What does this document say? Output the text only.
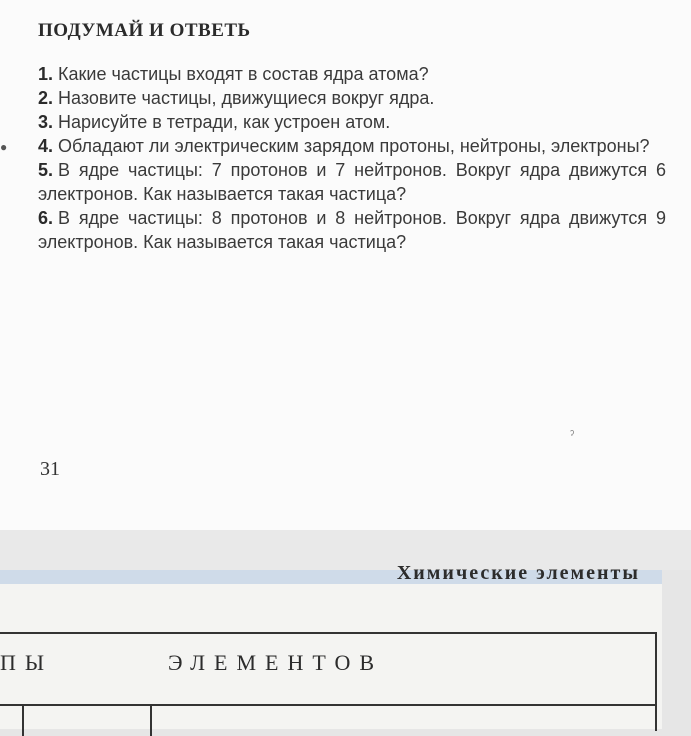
●
ПОДУМАЙ И ОТВЕТЬ
1. Какие частицы входят в состав ядра атома?
2. Назовите частицы, движущиеся вокруг ядра.
3. Нарисуйте в тетради, как устроен атом.
4. Обладают ли электрическим зарядом протоны, нейтроны, электроны?
5. В ядре частицы: 7 протонов и 7 нейтронов. Вокруг ядра движутся 6 электронов. Как называется такая частица?
6. В ядре частицы: 8 протонов и 8 нейтронов. Вокруг ядра движутся 9 электронов. Как называется такая частица?
ˀ
31
Химические элементы
ПЫ	ЭЛЕМЕНТОВ
